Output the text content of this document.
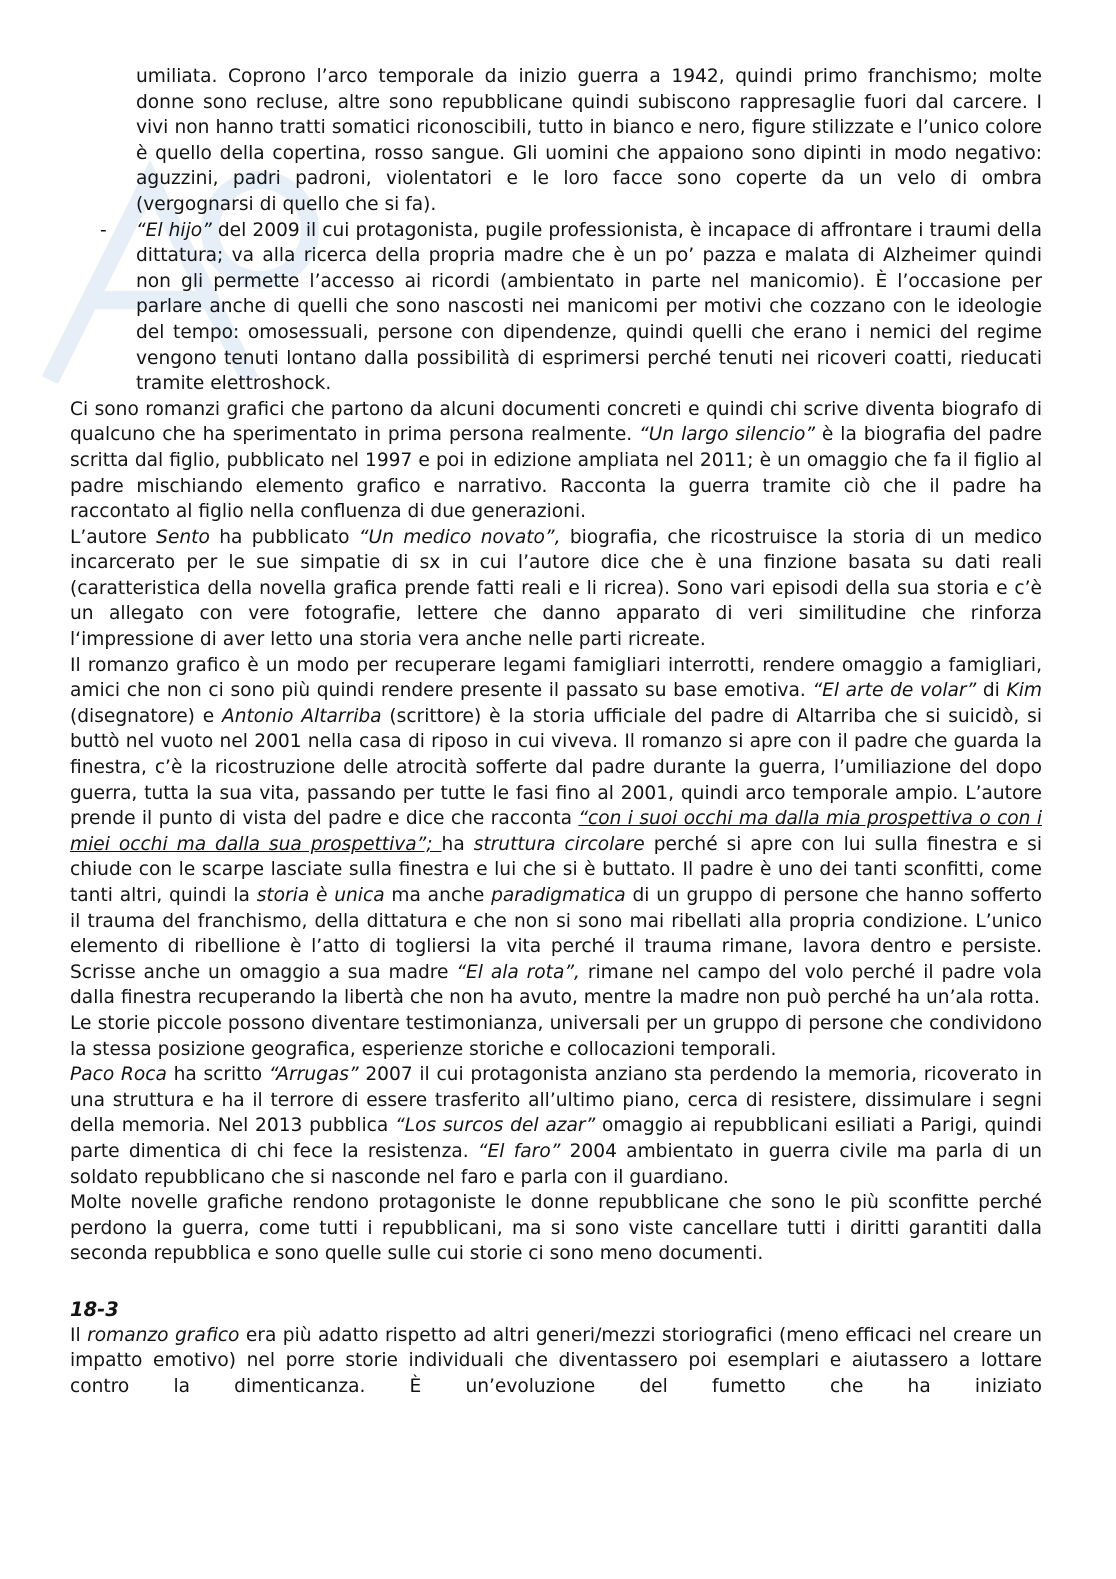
umiliata. Coprono l’arco temporale da inizio guerra a 1942, quindi primo franchismo; molte donne sono recluse, altre sono repubblicane quindi subiscono rappresaglie fuori dal carcere. I vivi non hanno tratti somatici riconoscibili, tutto in bianco e nero, figure stilizzate e l’unico colore è quello della copertina, rosso sangue. Gli uomini che appaiono sono dipinti in modo negativo: aguzzini, padri padroni, violentatori e le loro facce sono coperte da un velo di ombra (vergognarsi di quello che si fa).

- “El hijo” del 2009 il cui protagonista, pugile professionista, è incapace di affrontare i traumi della dittatura; va alla ricerca della propria madre che è un po’ pazza e malata di Alzheimer quindi non gli permette l’accesso ai ricordi (ambientato in parte nel manicomio). È l’occasione per parlare anche di quelli che sono nascosti nei manicomi per motivi che cozzano con le ideologie del tempo: omosessuali, persone con dipendenze, quindi quelli che erano i nemici del regime vengono tenuti lontano dalla possibilità di esprimersi perché tenuti nei ricoveri coatti, rieducati tramite elettroshock.

Ci sono romanzi grafici che partono da alcuni documenti concreti e quindi chi scrive diventa biografo di qualcuno che ha sperimentato in prima persona realmente. “Un largo silencio” è la biografia del padre scritta dal figlio, pubblicato nel 1997 e poi in edizione ampliata nel 2011; è un omaggio che fa il figlio al padre mischiando elemento grafico e narrativo. Racconta la guerra tramite ciò che il padre ha raccontato al figlio nella confluenza di due generazioni.

L’autore Sento ha pubblicato “Un medico novato”, biografia, che ricostruisce la storia di un medico incarcerato per le sue simpatie di sx in cui l’autore dice che è una finzione basata su dati reali (caratteristica della novella grafica prende fatti reali e li ricrea). Sono vari episodi della sua storia e c’è un allegato con vere fotografie, lettere che danno apparato di veri similitudine che rinforza l‘impressione di aver letto una storia vera anche nelle parti ricreate.

Il romanzo grafico è un modo per recuperare legami famigliari interrotti, rendere omaggio a famigliari, amici che non ci sono più quindi rendere presente il passato su base emotiva. “El arte de volar” di Kim (disegnatore) e Antonio Altarriba (scrittore) è la storia ufficiale del padre di Altarriba che si suicidò, si buttò nel vuoto nel 2001 nella casa di riposo in cui viveva. Il romanzo si apre con il padre che guarda la finestra, c’è la ricostruzione delle atrocità sofferte dal padre durante la guerra, l’umiliazione del dopo guerra, tutta la sua vita, passando per tutte le fasi fino al 2001, quindi arco temporale ampio. L’autore prende il punto di vista del padre e dice che racconta “con i suoi occhi ma dalla mia prospettiva o con i miei occhi ma dalla sua prospettiva”; ha struttura circolare perché si apre con lui sulla finestra e si chiude con le scarpe lasciate sulla finestra e lui che si è buttato. Il padre è uno dei tanti sconfitti, come tanti altri, quindi la storia è unica ma anche paradigmatica di un gruppo di persone che hanno sofferto il trauma del franchismo, della dittatura e che non si sono mai ribellati alla propria condizione. L’unico elemento di ribellione è l’atto di togliersi la vita perché il trauma rimane, lavora dentro e persiste. Scrisse anche un omaggio a sua madre “El ala rota”, rimane nel campo del volo perché il padre vola dalla finestra recuperando la libertà che non ha avuto, mentre la madre non può perché ha un’ala rotta.

Le storie piccole possono diventare testimonianza, universali per un gruppo di persone che condividono la stessa posizione geografica, esperienze storiche e collocazioni temporali.

Paco Roca ha scritto “Arrugas” 2007 il cui protagonista anziano sta perdendo la memoria, ricoverato in una struttura e ha il terrore di essere trasferito all’ultimo piano, cerca di resistere, dissimulare i segni della memoria. Nel 2013 pubblica “Los surcos del azar” omaggio ai repubblicani esiliati a Parigi, quindi parte dimentica di chi fece la resistenza. “El faro” 2004 ambientato in guerra civile ma parla di un soldato repubblicano che si nasconde nel faro e parla con il guardiano.

Molte novelle grafiche rendono protagoniste le donne repubblicane che sono le più sconfitte perché perdono la guerra, come tutti i repubblicani, ma si sono viste cancellare tutti i diritti garantiti dalla seconda repubblica e sono quelle sulle cui storie ci sono meno documenti.

18-3

Il romanzo grafico era più adatto rispetto ad altri generi/mezzi storiografici (meno efficaci nel creare un impatto emotivo) nel porre storie individuali che diventassero poi esemplari e aiutassero a lottare contro la dimenticanza. È un’evoluzione del fumetto che ha iniziato
